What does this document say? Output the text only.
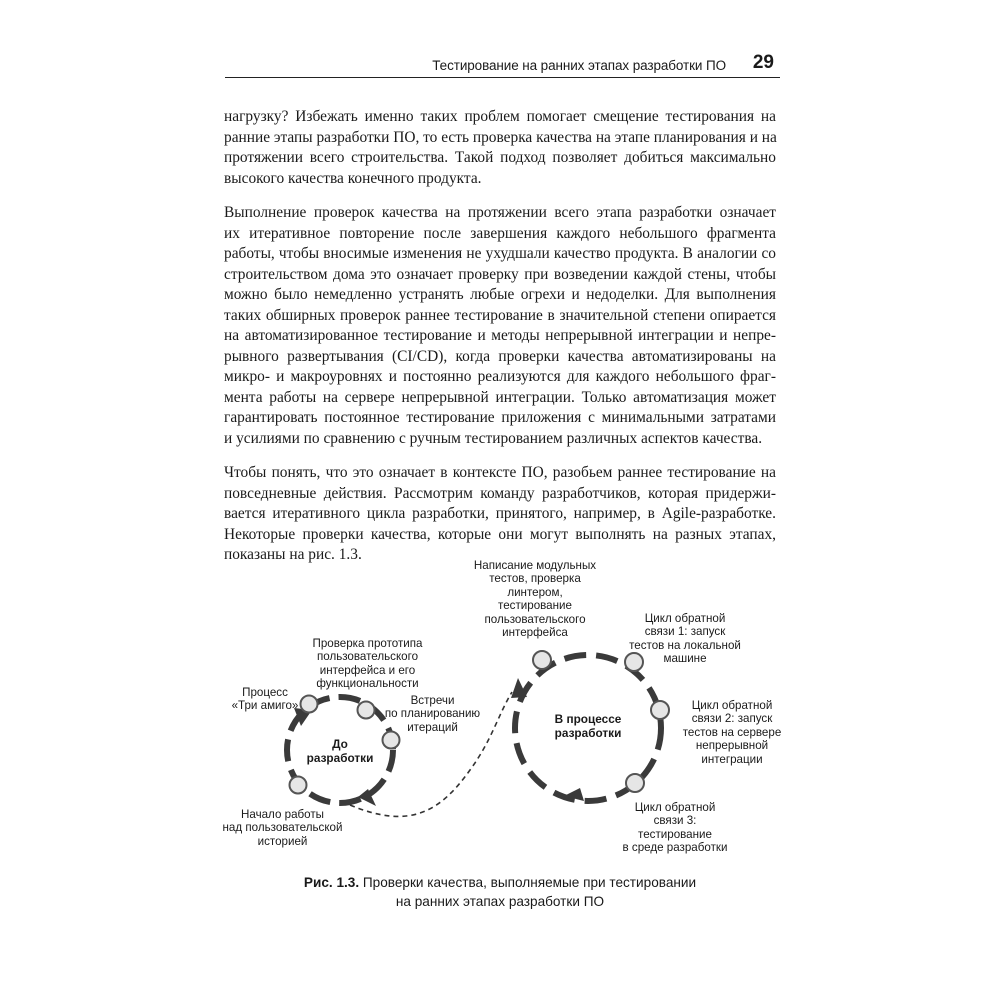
Тестирование на ранних этапах разработки ПО 29

нагрузку? Избежать именно таких проблем помогает смещение тестирования на
ранние этапы разработки ПО, то есть проверка качества на этапе планирования и на
протяжении всего строительства. Такой подход позволяет добиться максимально
высокого качества конечного продукта.

Выполнение проверок качества на протяжении всего этапа разработки означает
их итеративное повторение после завершения каждого небольшого фрагмента
работы, чтобы вносимые изменения не ухудшали качество продукта. В аналогии со
строительством дома это означает проверку при возведении каждой стены, чтобы
можно было немедленно устранять любые огрехи и недоделки. Для выполнения
таких обширных проверок раннее тестирование в значительной степени опирается
на автоматизированное тестирование и методы непрерывной интеграции и непре-
рывного развертывания (CI/CD), когда проверки качества автоматизированы на
микро- и макроуровнях и постоянно реализуются для каждого небольшого фраг-
мента работы на сервере непрерывной интеграции. Только автоматизация может
гарантировать постоянное тестирование приложения с минимальными затратами
и усилиями по сравнению с ручным тестированием различных аспектов качества.

Чтобы понять, что это означает в контексте ПО, разобьем раннее тестирование на
повседневные действия. Рассмотрим команду разработчиков, которая придержи-
вается итеративного цикла разработки, принятого, например, в Agile-разработке.
Некоторые проверки качества, которые они могут выполнять на разных этапах,
показаны на рис. 1.3.

До
разработки
Процесс
«Три амиго»
Проверка прототипа
пользовательского
интерфейса и его
функциональности
Встречи
по планированию
итераций
Начало работы
над пользовательской
историей
В процессе
разработки
Написание модульных
тестов, проверка
линтером,
тестирование
пользовательского
интерфейса
Цикл обратной
связи 1: запуск
тестов на локальной
машине
Цикл обратной
связи 2: запуск
тестов на сервере
непрерывной
интеграции
Цикл обратной
связи 3:
тестирование
в среде разработки
Рис. 1.3. Проверки качества, выполняемые при тестировании
на ранних этапах разработки ПО
